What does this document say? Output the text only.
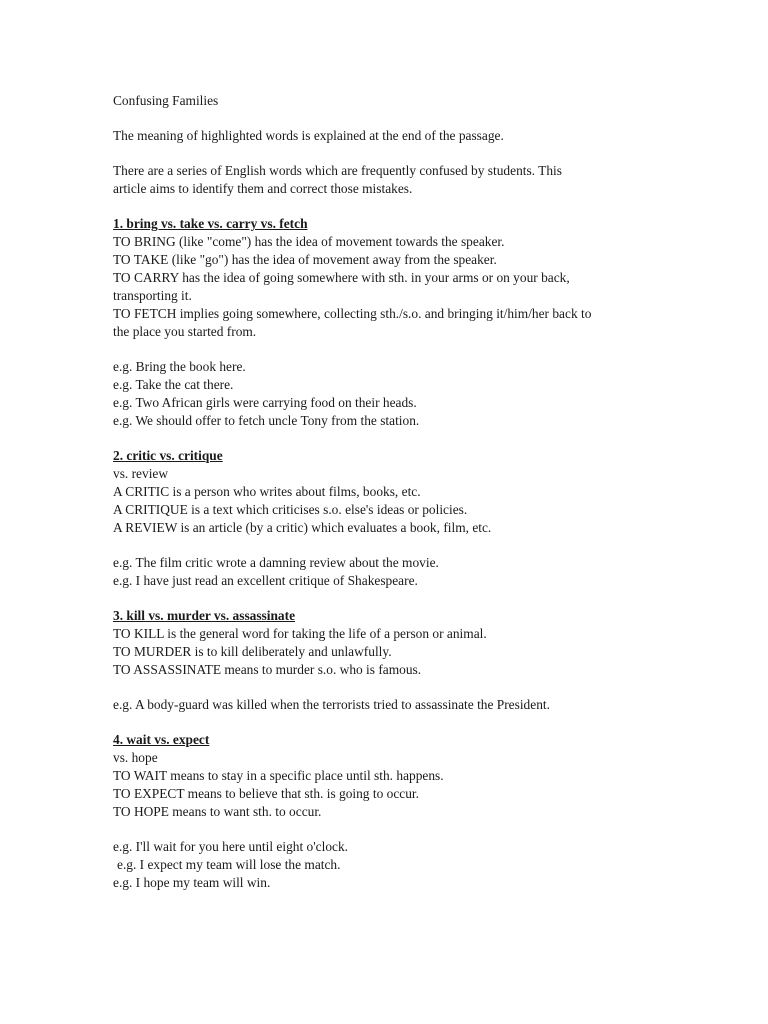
Confusing Families
The meaning of highlighted words is explained at the end of the passage.
There are a series of English words which are frequently confused by students. This
article aims to identify them and correct those mistakes.
1. bring vs. take vs. carry vs. fetch
TO BRING (like "come") has the idea of movement towards the speaker.
TO TAKE (like "go") has the idea of movement away from the speaker.
TO CARRY has the idea of going somewhere with sth. in your arms or on your back,
transporting it.
TO FETCH implies going somewhere, collecting sth./s.o. and bringing it/him/her back to
the place you started from.
e.g. Bring the book here.
e.g. Take the cat there.
e.g. Two African girls were carrying food on their heads.
e.g. We should offer to fetch uncle Tony from the station.
2. critic vs. critique
vs. review
A CRITIC is a person who writes about films, books, etc.
A CRITIQUE is a text which criticises s.o. else's ideas or policies.
A REVIEW is an article (by a critic) which evaluates a book, film, etc.
e.g. The film critic wrote a damning review about the movie.
e.g. I have just read an excellent critique of Shakespeare.
3. kill vs. murder vs. assassinate
TO KILL is the general word for taking the life of a person or animal.
TO MURDER is to kill deliberately and unlawfully.
TO ASSASSINATE means to murder s.o. who is famous.
e.g. A body-guard was killed when the terrorists tried to assassinate the President.
4. wait vs. expect
vs. hope
TO WAIT means to stay in a specific place until sth. happens.
TO EXPECT means to believe that sth. is going to occur.
TO HOPE means to want sth. to occur.
e.g. I'll wait for you here until eight o'clock.
e.g. I expect my team will lose the match.
e.g. I hope my team will win.
